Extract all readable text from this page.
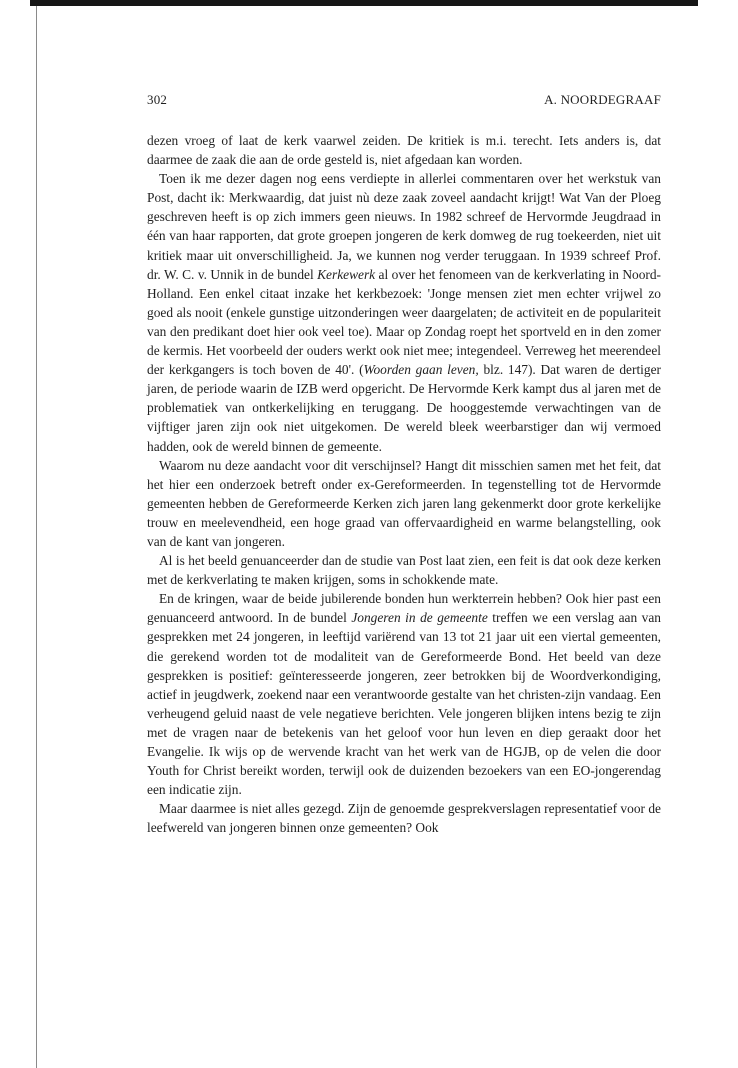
302	A. NOORDEGRAAF

dezen vroeg of laat de kerk vaarwel zeiden. De kritiek is m.i. terecht. Iets anders is, dat daarmee de zaak die aan de orde gesteld is, niet afgedaan kan worden.

Toen ik me dezer dagen nog eens verdiepte in allerlei commentaren over het werkstuk van Post, dacht ik: Merkwaardig, dat juist nù deze zaak zoveel aandacht krijgt! Wat Van der Ploeg geschreven heeft is op zich immers geen nieuws. In 1982 schreef de Hervormde Jeugdraad in één van haar rapporten, dat grote groepen jongeren de kerk domweg de rug toekeerden, niet uit kritiek maar uit onverschilligheid. Ja, we kunnen nog verder teruggaan. In 1939 schreef Prof. dr. W. C. v. Unnik in de bundel Kerkewerk al over het fenomeen van de kerkverlating in Noord-Holland. Een enkel citaat inzake het kerkbezoek: 'Jonge mensen ziet men echter vrijwel zo goed als nooit (enkele gunstige uitzonderingen weer daargelaten; de activiteit en de populariteit van den predikant doet hier ook veel toe). Maar op Zondag roept het sportveld en in den zomer de kermis. Het voorbeeld der ouders werkt ook niet mee; integendeel. Verreweg het meerendeel der kerkgangers is toch boven de 40'. (Woorden gaan leven, blz. 147). Dat waren de dertiger jaren, de periode waarin de IZB werd opgericht. De Hervormde Kerk kampt dus al jaren met de problematiek van ontkerkelijking en teruggang. De hooggestemde verwachtingen van de vijftiger jaren zijn ook niet uitgekomen. De wereld bleek weerbarstiger dan wij vermoed hadden, ook de wereld binnen de gemeente.

Waarom nu deze aandacht voor dit verschijnsel? Hangt dit misschien samen met het feit, dat het hier een onderzoek betreft onder ex-Gereformeerden. In tegenstelling tot de Hervormde gemeenten hebben de Gereformeerde Kerken zich jaren lang gekenmerkt door grote kerkelijke trouw en meelevendheid, een hoge graad van offervaardigheid en warme belangstelling, ook van de kant van jongeren.

Al is het beeld genuanceerder dan de studie van Post laat zien, een feit is dat ook deze kerken met de kerkverlating te maken krijgen, soms in schokkende mate.

En de kringen, waar de beide jubilerende bonden hun werkterrein hebben? Ook hier past een genuanceerd antwoord. In de bundel Jongeren in de gemeente treffen we een verslag aan van gesprekken met 24 jongeren, in leeftijd variërend van 13 tot 21 jaar uit een viertal gemeenten, die gerekend worden tot de modaliteit van de Gereformeerde Bond. Het beeld van deze gesprekken is positief: geïnteresseerde jongeren, zeer betrokken bij de Woordverkondiging, actief in jeugdwerk, zoekend naar een verantwoorde gestalte van het christen-zijn vandaag. Een verheugend geluid naast de vele negatieve berichten. Vele jongeren blijken intens bezig te zijn met de vragen naar de betekenis van het geloof voor hun leven en diep geraakt door het Evangelie. Ik wijs op de wervende kracht van het werk van de HGJB, op de velen die door Youth for Christ bereikt worden, terwijl ook de duizenden bezoekers van een EO-jongerendag een indicatie zijn.

Maar daarmee is niet alles gezegd. Zijn de genoemde gesprekverslagen representatief voor de leefwereld van jongeren binnen onze gemeenten? Ook
